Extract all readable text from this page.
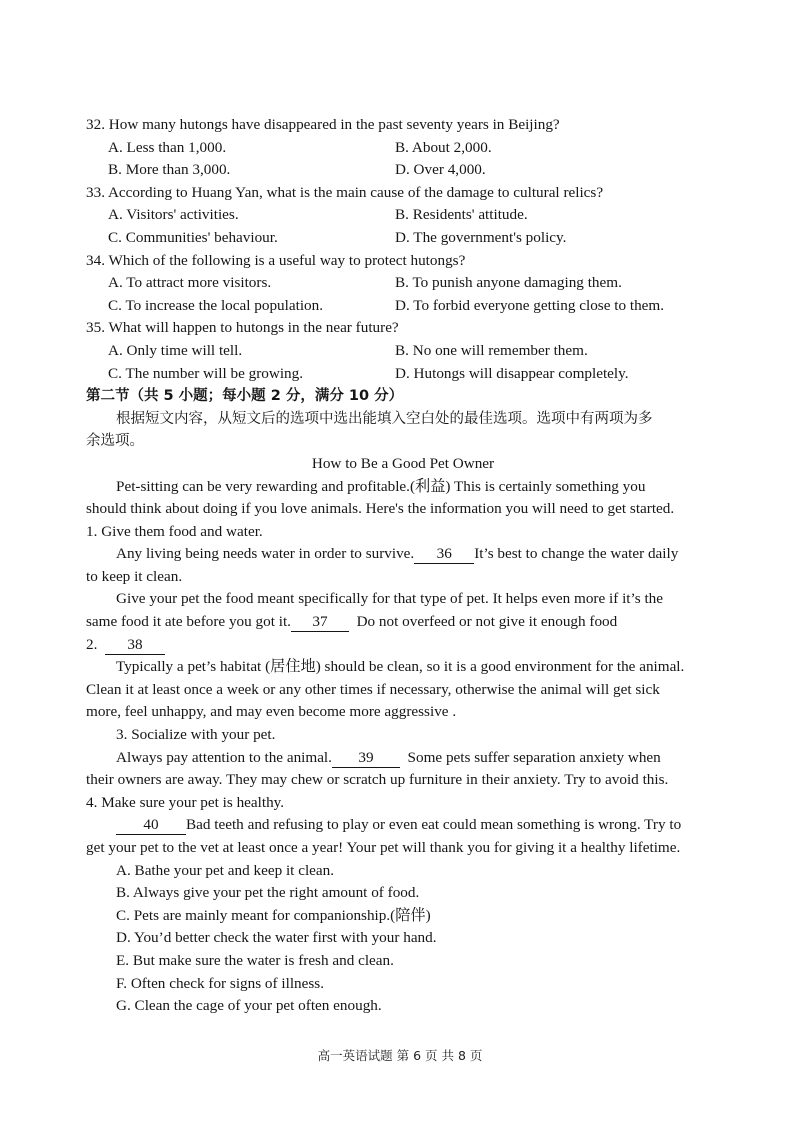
32. How many hutongs have disappeared in the past seventy years in Beijing?
A. Less than 1,000.	B. About 2,000.
B. More than 3,000.	D. Over 4,000.
33. According to Huang Yan, what is the main cause of the damage to cultural relics?
A. Visitors' activities.	B. Residents' attitude.
C. Communities' behaviour.	D. The government's policy.
34. Which of the following is a useful way to protect hutongs?
A. To attract more visitors.	B. To punish anyone damaging them.
C. To increase the local population.	D. To forbid everyone getting close to them.
35. What will happen to hutongs in the near future?
A. Only time will tell.	B. No one will remember them.
C. The number will be growing.	D. Hutongs will disappear completely.
第二节（共 5 小题；每小题 2 分，满分 10 分）
根据短文内容，从短文后的选项中选出能填入空白处的最佳选项。选项中有两项为多
余选项。
How to Be a Good Pet Owner
Pet-sitting can be very rewarding and profitable.(利益) This is certainly something you
should think about doing if you love animals. Here's the information you will need to get started.
1. Give them food and water.
Any living being needs water in order to survive. 36 It’s best to change the water daily
to keep it clean.
Give your pet the food meant specifically for that type of pet. It helps even more if it’s the
same food it ate before you got it. 37 Do not overfeed or not give it enough food
2. 38
Typically a pet’s habitat (居住地) should be clean, so it is a good environment for the animal.
Clean it at least once a week or any other times if necessary, otherwise the animal will get sick
more, feel unhappy, and may even become more aggressive .
3. Socialize with your pet.
Always pay attention to the animal. 39 Some pets suffer separation anxiety when
their owners are away. They may chew or scratch up furniture in their anxiety. Try to avoid this.
4. Make sure your pet is healthy.
40 Bad teeth and refusing to play or even eat could mean something is wrong. Try to
get your pet to the vet at least once a year! Your pet will thank you for giving it a healthy lifetime.
A. Bathe your pet and keep it clean.
B. Always give your pet the right amount of food.
C. Pets are mainly meant for companionship.(陪伴)
D. You’d better check the water first with your hand.
E. But make sure the water is fresh and clean.
F. Often check for signs of illness.
G. Clean the cage of your pet often enough.
高一英语试题 第 6 页 共 8 页
